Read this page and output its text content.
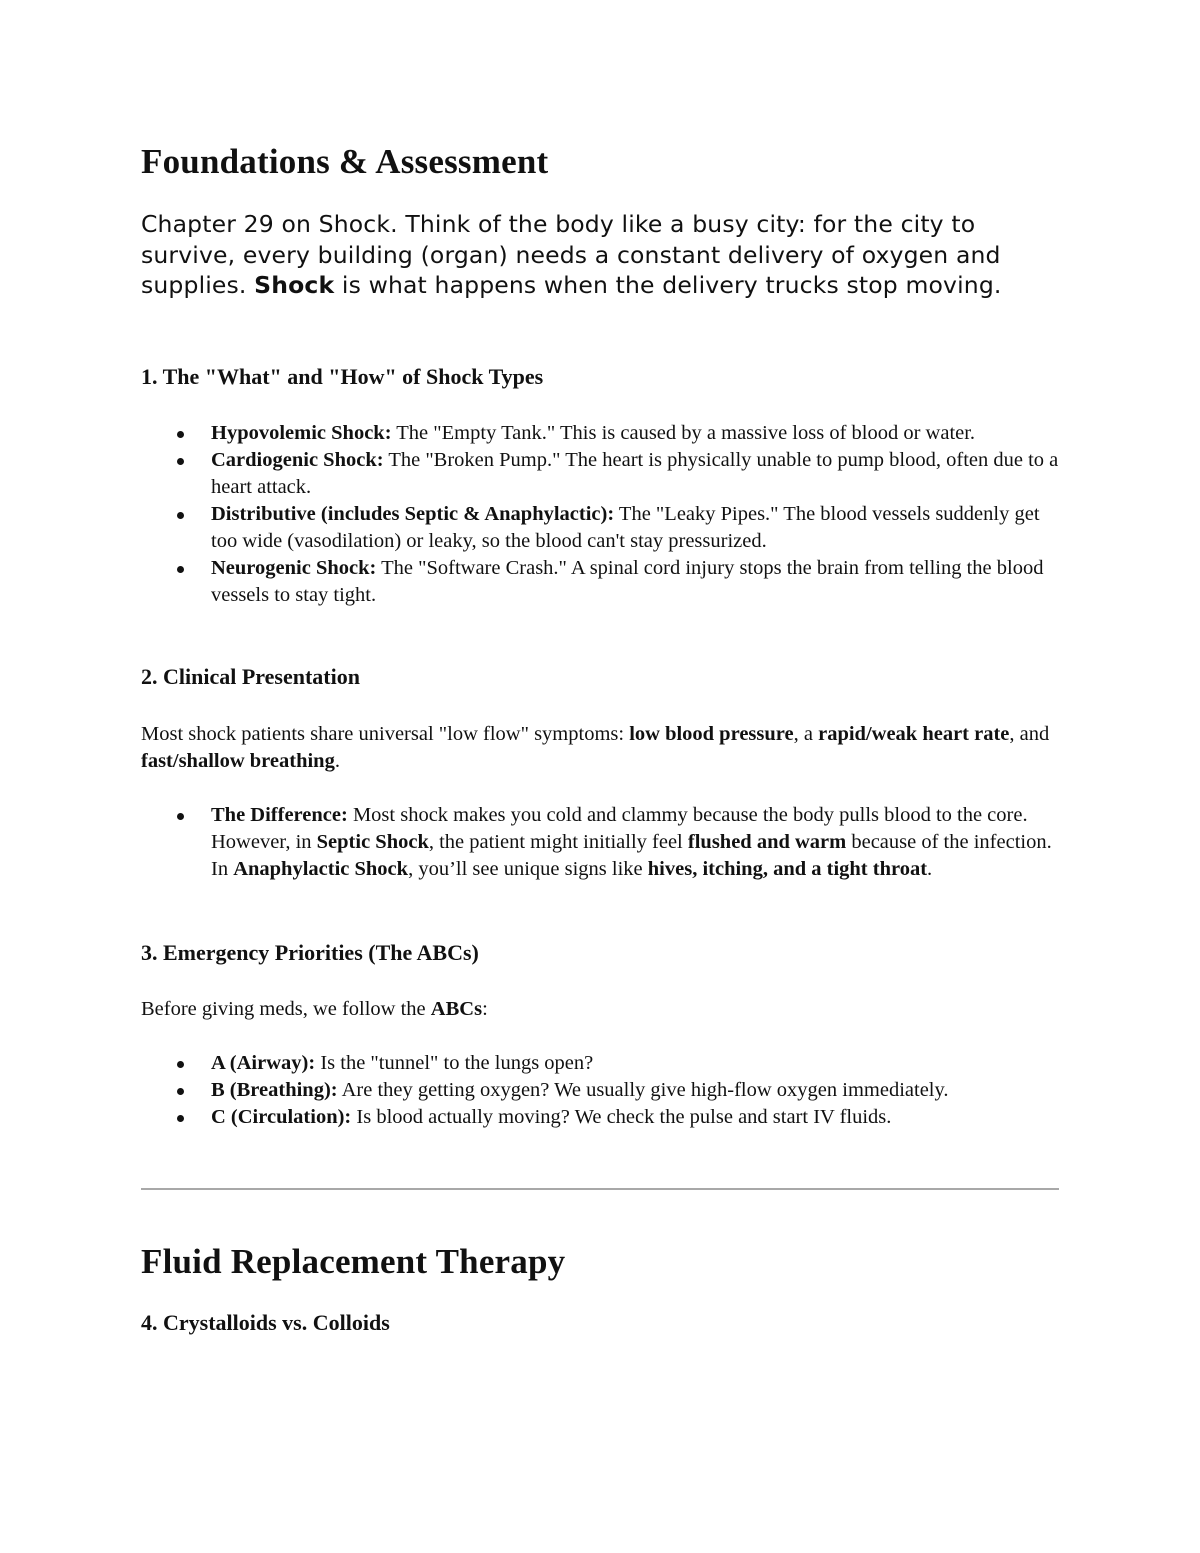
Foundations & Assessment

Chapter 29 on Shock. Think of the body like a busy city: for the city to survive, every building (organ) needs a constant delivery of oxygen and supplies. Shock is what happens when the delivery trucks stop moving.

1. The "What" and "How" of Shock Types
Hypovolemic Shock: The "Empty Tank." This is caused by a massive loss of blood or water.
Cardiogenic Shock: The "Broken Pump." The heart is physically unable to pump blood, often due to a heart attack.
Distributive (includes Septic & Anaphylactic): The "Leaky Pipes." The blood vessels suddenly get too wide (vasodilation) or leaky, so the blood can't stay pressurized.
Neurogenic Shock: The "Software Crash." A spinal cord injury stops the brain from telling the blood vessels to stay tight.
2. Clinical Presentation

Most shock patients share universal "low flow" symptoms: low blood pressure, a rapid/weak heart rate, and fast/shallow breathing.

The Difference: Most shock makes you cold and clammy because the body pulls blood to the core. However, in Septic Shock, the patient might initially feel flushed and warm because of the infection. In Anaphylactic Shock, you’ll see unique signs like hives, itching, and a tight throat.
3. Emergency Priorities (The ABCs)

Before giving meds, we follow the ABCs:

A (Airway): Is the "tunnel" to the lungs open?
B (Breathing): Are they getting oxygen? We usually give high-flow oxygen immediately.
C (Circulation): Is blood actually moving? We check the pulse and start IV fluids.
Fluid Replacement Therapy
4. Crystalloids vs. Colloids
